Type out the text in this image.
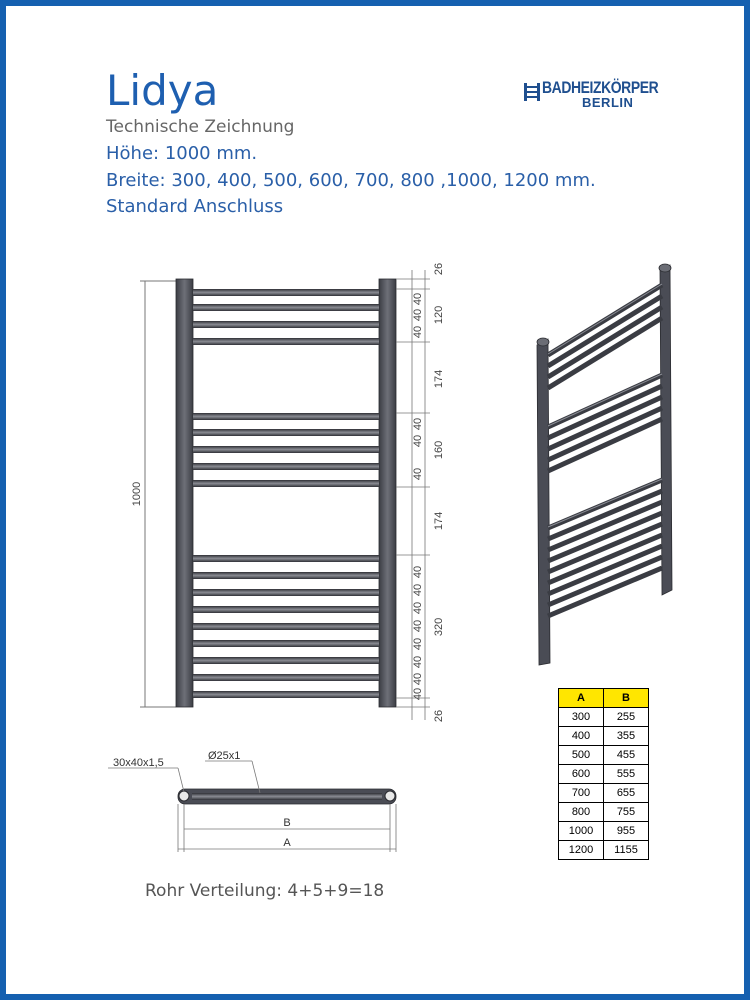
Lidya
Technische Zeichnung
Höhe: 1000 mm.
Breite: 300, 400, 500, 600, 700, 800 ,1000, 1200 mm.
Standard Anschluss
BADHEIZKÖRPER
BERLIN
1000
26
40
40
40
120
174
40
40
40
160
174
40
40
40
40
40
40
40
40
320
26
30x40x1,5
Ø25x1
B
A
Rohr Verteilung: 4+5+9=18
A	B
300	255
400	355
500	455
600	555
700	655
800	755
1000	955
1200	1155
